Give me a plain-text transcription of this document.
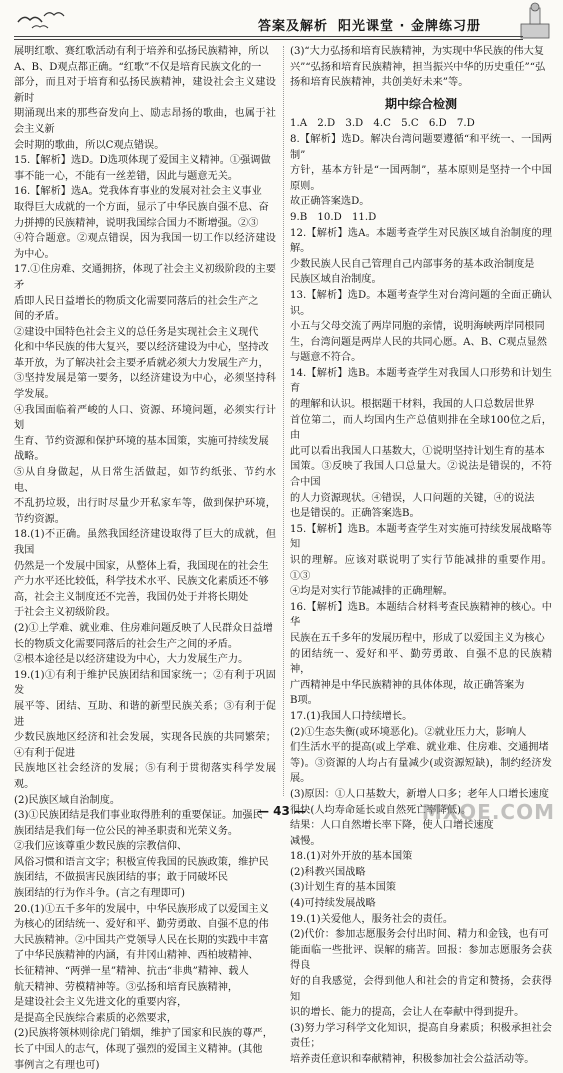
答案及解析 阳光课堂 · 金牌练习册

展明红歌、赛红歌活动有利于培养和弘扬民族精神，所以

A、B、D观点都正确。“红歌”不仅是培育民族文化的一

部分，而且对于培育和弘扬民族精神，建设社会主义建设新时

期涌现出来的那些奋发向上、励志昂扬的歌曲，也属于社会主义新

会时期的歌曲，所以C观点错误。

15.【解析】选D。D选项体现了爱国主义精神。①强调做

事不能一心，不能有一丝差错，因此与题意无关。

16.【解析】选A。党我体育事业的发展对社会主义事业

取得巨大成就的一个方面，显示了中华民族自强不息、奋

力拼搏的民族精神，说明我国综合国力不断增强。②③

④符合题意。②观点错误，因为我国一切工作以经济建设为中心。

17.①住房难、交通拥挤，体现了社会主义初级阶段的主要矛

盾即人民日益增长的物质文化需要同落后的社会生产之

间的矛盾。

②建设中国特色社会主义的总任务是实现社会主义现代

化和中华民族的伟大复兴，要以经济建设为中心，坚持改

革开放，为了解决社会主要矛盾就必须大力发展生产力，

③坚持发展是第一要务，以经济建设为中心，必须坚持科学发展。

④我国面临着严峻的人口、资源、环境问题，必须实行计划

生育、节约资源和保护环境的基本国策，实施可持续发展

战略。

⑤从自身做起，从日常生活做起，如节约纸张、节约水电、

不乱扔垃圾，出行时尽量少开私家车等，做到保护环境，节约资源。

18.(1)不正确。虽然我国经济建设取得了巨大的成就，但我国

仍然是一个发展中国家，从整体上看，我国现在的社会生

产力水平还比较低，科学技术水平、民族文化素质还不够

高，社会主义制度还不完善，我国仍处于并将长期处

于社会主义初级阶段。

(2)①上学难、就业难、住房难问题反映了人民群众日益增

长的物质文化需要同落后的社会生产之间的矛盾。

②根本途径是以经济建设为中心，大力发展生产力。

19.(1)①有利于维护民族团结和国家统一；②有利于巩固发

展平等、团结、互助、和谐的新型民族关系；③有利于促进

少数民族地区经济和社会发展，实现各民族的共同繁荣；④有利于促进

民族地区社会经济的发展；⑤有利于贯彻落实科学发展观。

(2)民族区域自治制度。

(3)①民族团结是我们事业取得胜利的重要保证。加强民

族团结是我们每一位公民的神圣职责和光荣义务。

②我们应该尊重少数民族的宗教信仰、

风俗习惯和语言文字；积极宣传我国的民族政策，维护民

族团结，不做损害民族团结的事；敢于同破坏民

族团结的行为作斗争。(言之有理即可)

20.(1)①五千多年的发展中，中华民族形成了以爱国主义

为核心的团结统一、爱好和平、勤劳勇敢、自强不息的伟

大民族精神。②中国共产党领导人民在长期的实践中丰富

了中华民族精神的内涵，有井冈山精神、西柏坡精神、

长征精神、“两弹一星”精神、抗击“非典”精神、载人

航天精神、劳模精神等。③弘扬和培育民族精神，

是建设社会主义先进文化的重要内容，

是提高全民族综合素质的必然要求，

(2)民族将领林则徐虎门销烟，维护了国家和民族的尊严，

长了中国人的志气，体现了强烈的爱国主义精神。(其他

事例言之有理也可)

(3)“大力弘扬和培育民族精神，为实现中华民族的伟大复

兴”“弘扬和培育民族精神，担当振兴中华的历史重任”“弘

扬和培育民族精神，共创美好未来”等。

期中综合检测

1.A　2.D　3.D　4.C　5.C　6.D　7.D

8.【解析】选D。解决台湾问题要遵循“和平统一、一国两制”

方针，基本方针是“一国两制”，基本原则是坚持一个中国原则。

故正确答案选D。

9.B　10.D　11.D

12.【解析】选A。本题考查学生对民族区域自治制度的理解。

少数民族人民自己管理自己内部事务的基本政治制度是

民族区域自治制度。

13.【解析】选D。本题考查学生对台湾问题的全面正确认识。

小五与父母交流了两岸同胞的亲情，说明海峡两岸同根同

生，台湾问题是两岸人民的共同心愿。A、B、C观点显然

与题意不符合。

14.【解析】选B。本题考查学生对我国人口形势和计划生育

的理解和认识。根据题干材料，我国的人口总数居世界

首位第二，而人均国内生产总值则排在全球100位之后，由

此可以看出我国人口基数大，①说明坚持计划生育的基本

国策。③反映了我国人口总量大。②说法是错误的，不符合中国

的人力资源现状。④错误，人口问题的关键，④的说法

也是错误的。正确答案选B。

15.【解析】选B。本题考查学生对实施可持续发展战略等知

识的理解。应该对联说明了实行节能减排的重要作用。①③

④均是对实行节能减排的正确理解。

16.【解析】选B。本题结合材料考查民族精神的核心。中华

民族在五千多年的发展历程中，形成了以爱国主义为核心

的团结统一、爱好和平、勤劳勇敢、自强不息的民族精神，

广西精神是中华民族精神的具体体现，故正确答案为

B项。

17.(1)我国人口持续增长。

(2)①生态失衡(或环境恶化)。②就业压力大，影响人

们生活水平的提高(或上学难、就业难、住房难、交通拥堵

等)。③资源的人均占有量减少(或资源短缺)，制约经济发展。

(3)原因：①人口基数大，新增人口多；老年人口增长速度

很快(人均寿命延长或自然死亡率降低)。

结果：人口自然增长率下降，使人口增长速度

减慢。

18.(1)对外开放的基本国策

(2)科教兴国战略

(3)计划生育的基本国策

(4)可持续发展战略

19.(1)关爱他人，服务社会的责任。

(2)代价：参加志愿服务会付出时间、精力和金钱，也有可

能面临一些批评、误解的痛苦。回报：参加志愿服务会获得良

好的自我感觉，会得到他人和社会的肯定和赞扬，会获得知

识的增长、能力的提高，会让人在奉献中得到提升。

(3)努力学习科学文化知识，提高自身素质；积极承担社会责任；

培养责任意识和奉献精神，积极参加社会公益活动等。

— 43 —	MXQE.COM
